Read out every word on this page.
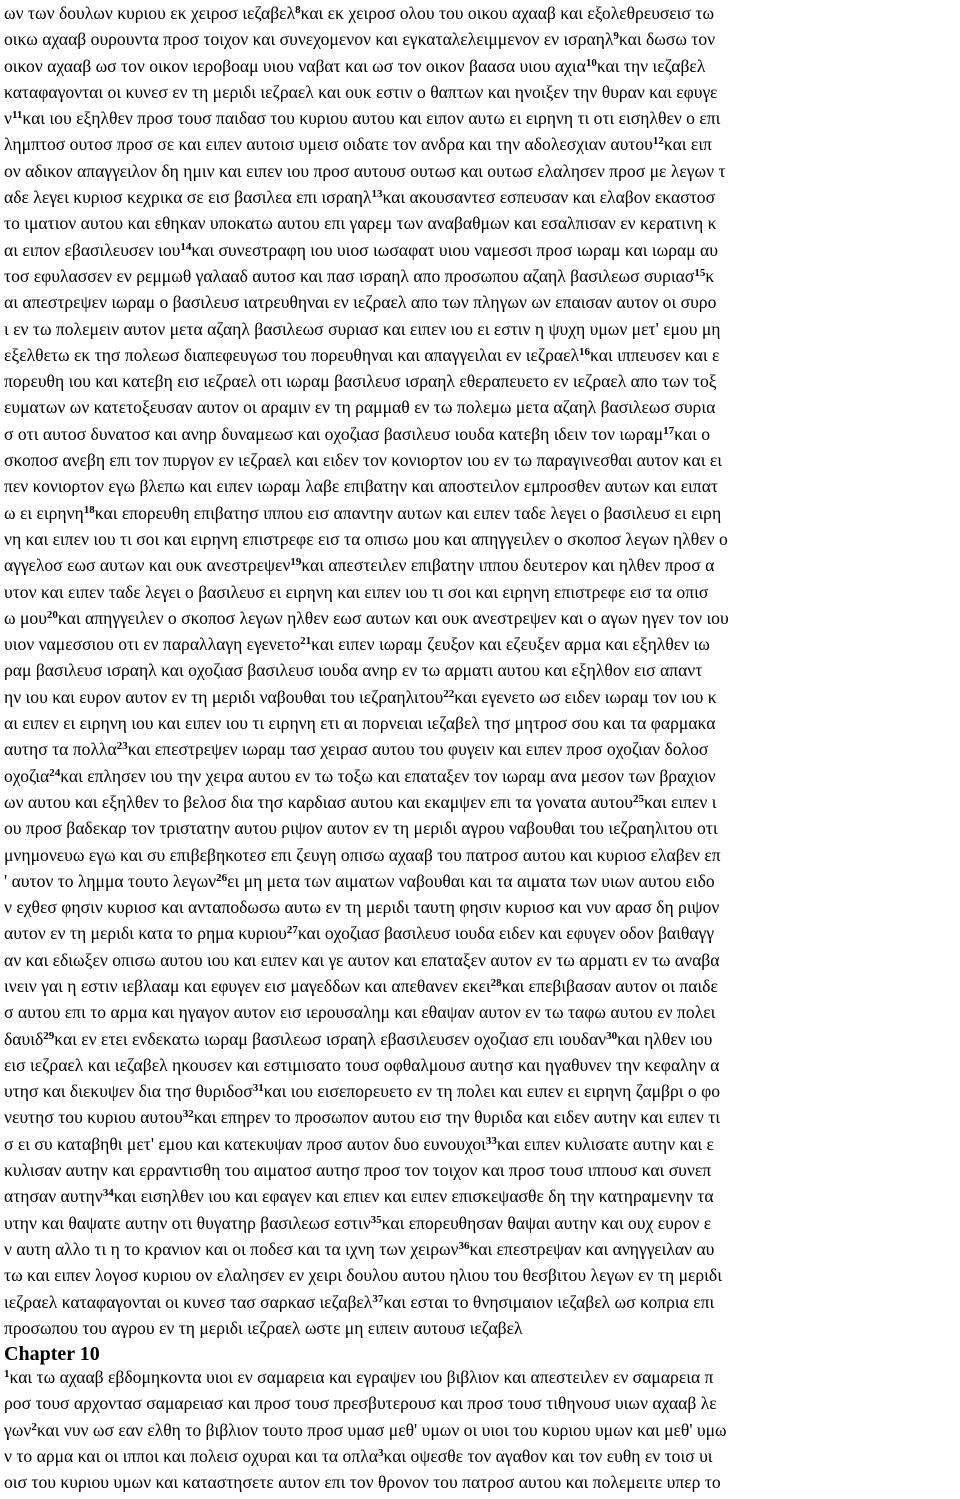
ων των δουλων κυριου εκ χειροσ ιεζαβελ$^8$και εκ χειροσ ολου του οικου αχααβ και εξολεθρευσεισ τω
οικω αχααβ ουρουντα προσ τοιχον και συνεχομενον και εγκαταλελειμμενον εν ισραηλ$^9$και δωσω τον
οικον αχααβ ωσ τον οικον ιεροβοαμ υιου ναβατ και ωσ τον οικον βαασα υιου αχια$^{10}$και την ιεζαβελ
καταφαγονται οι κυνεσ εν τη μεριδι ιεζραελ και ουκ εστιν ο θαπτων και ηνοιξεν την θυραν και εφυγε
$\nu^{11}\kappa\alpha\iota$ ιου εξηλθεν προσ τουσ παιδασ του κυριου αυτου και ειπον αυτω ει ειρηνη τι οτι εισηλθεν ο επι
λημπτοσ ουτοσ προσ σε και ειπεν αυτοισ υμεισ οιδατε τον ανδρα και την αδολεσχιαν αυτου$^{12}$και ειπ
ον αδικον απαγγειλον δη ημιν και ειπεν ιου προσ αυτουσ ουτωσ και ουτωσ ελαλησεν προσ με λεγων τ
αδε λεγει κυριοσ κεχρικα σε εισ βασιλεα επι ισραηλ$^{13}$και ακουσαντεσ εσπευσαν και ελαβον εκαστοσ
το ιματιον αυτου και εθηκαν υποκατω αυτου επι γαρεμ των αναβαθμων και εσαλπισαν εν κερατινη κ
αι ειπον εβασιλευσεν ιου$^{14}$και συνεστραφη ιου υιοσ ιωσαφατ υιου ναμεσσι προσ ιωραμ και ιωραμ αυ
τοσ εφυλασσεν εν ρεμμωθ γαλααδ αυτοσ και πασ ισραηλ απο προσωπου αζαηλ βασιλεωσ συριασ$^{15}$κ
αι απεστρεψεν ιωραμ ο βασιλευσ ιατρευθηναι εν ιεζραελ απο των πληγων ων επαισαν αυτον οι συρο
ι εν τω πολεμειν αυτον μετα αζαηλ βασιλεωσ συριασ και ειπεν ιου ει εστιν η ψυχη υμων μετ' εμου μη
εξελθετω εκ τησ πολεωσ διαπεφευγωσ του πορευθηναι και απαγγειλαι εν ιεζραελ$^{16}$και ιππευσεν και ε
πορευθη ιου και κατεβη εισ ιεζραελ οτι ιωραμ βασιλευσ ισραηλ εθεραπευετο εν ιεζραελ απο των τοξ
ευματων ων κατετοξευσαν αυτον οι αραμιν εν τη ραμμαθ εν τω πολεμω μετα αζαηλ βασιλεωσ συρια
σ οτι αυτοσ δυνατοσ και ανηρ δυναμεωσ και οχοζιασ βασιλευσ ιουδα κατεβη ιδειν τον ιωραμ$^{17}$και ο
σκοποσ ανεβη επι τον πυργον εν ιεζραελ και ειδεν τον κονιορτον ιου εν τω παραγινεσθαι αυτον και ει
πεν κονιορτον εγω βλεπω και ειπεν ιωραμ λαβε επιβατην και αποστειλον εμπροσθεν αυτων και ειπατ
ω ει ειρηνη$^{18}$και επορευθη επιβατησ ιππου εισ απαντην αυτων και ειπεν ταδε λεγει ο βασιλευσ ει ειρη
νη και ειπεν ιου τι σοι και ειρηνη επιστρεφε εισ τα οπισω μου και απηγγειλεν ο σκοποσ λεγων ηλθεν ο
αγγελοσ εωσ αυτων και ουκ ανεστρεψεν$^{19}$και απεστειλεν επιβατην ιππου δευτερον και ηλθεν προσ α
υτον και ειπεν ταδε λεγει ο βασιλευσ ει ειρηνη και ειπεν ιου τι σοι και ειρηνη επιστρεφε εισ τα οπισ
ω μου$^{20}$και απηγγειλεν ο σκοποσ λεγων ηλθεν εωσ αυτων και ουκ ανεστρεψεν και ο αγων ηγεν τον ιου
υιον ναμεσσιου οτι εν παραλλαγη εγενετο$^{21}$και ειπεν ιωραμ ζευξον και εζευξεν αρμα και εξηλθεν ιω
ραμ βασιλευσ ισραηλ και οχοζιασ βασιλευσ ιουδα ανηρ εν τω αρματι αυτου και εξηλθον εισ απαντ
ην ιου και ευρον αυτον εν τη μεριδι ναβουθαι του ιεζραηλιτου$^{22}$και εγενετο ωσ ειδεν ιωραμ τον ιου κ
αι ειπεν ει ειρηνη ιου και ειπεν ιου τι ειρηνη ετι αι πορνειαι ιεζαβελ τησ μητροσ σου και τα φαρμακα
αυτησ τα πολλα$^{23}$και επεστρεψεν ιωραμ τασ χειρασ αυτου του φυγειν και ειπεν προσ οχοζιαν δολοσ
οχοζια$^{24}$και επλησεν ιου την χειρα αυτου εν τω τοξω και επαταξεν τον ιωραμ ανα μεσον των βραχιον
ων αυτου και εξηλθεν το βελοσ δια τησ καρδιασ αυτου και εκαμψεν επι τα γονατα αυτου$^{25}$και ειπεν ι
ου προσ βαδεκαρ τον τριστατην αυτου ριψον αυτον εν τη μεριδι αγρου ναβουθαι του ιεζραηλιτου οτι
μνημονευω εγω και συ επιβεβηκοτεσ επι ζευγη οπισω αχααβ του πατροσ αυτου και κυριοσ ελαβεν επ
' αυτον το λημμα τουτο λεγων$^{26}$ει μη μετα των αιματων ναβουθαι και τα αιματα των υιων αυτου ειδο
ν εχθεσ φησιν κυριοσ και ανταποδωσω αυτω εν τη μεριδι ταυτη φησιν κυριοσ και νυν αρασ δη ριψον
αυτον εν τη μεριδι κατα το ρημα κυριου$^{27}$και οχοζιασ βασιλευσ ιουδα ειδεν και εφυγεν οδον βαιθαγγ
αν και εδιωξεν οπισω αυτου ιου και ειπεν και γε αυτον και επαταξεν αυτον εν τω αρματι εν τω αναβα
ινειν γαι η εστιν ιεβλααμ και εφυγεν εισ μαγεδδων και απεθανεν εκει$^{28}$και επεβιβασαν αυτον οι παιδε
σ αυτου επι το αρμα και ηγαγον αυτον εισ ιερουσαλημ και εθαψαν αυτον εν τω ταφω αυτου εν πολει
δαυιδ$^{29}$και εν ετει ενδεκατω ιωραμ βασιλεωσ ισραηλ εβασιλευσεν οχοζιασ επι ιουδαν$^{30}$και ηλθεν ιου
εισ ιεζραελ και ιεζαβελ ηκουσεν και εστιμισατο τουσ οφθαλμουσ αυτησ και ηγαθυνεν την κεφαλην α
υτησ και διεκυψεν δια τησ θυριδοσ$^{31}$και ιου εισεπορευετο εν τη πολει και ειπεν ει ειρηνη ζαμβρι ο φο
νευτησ του κυριου αυτου$^{32}$και επηρεν το προσωπον αυτου εισ την θυριδα και ειδεν αυτην και ειπεν τι
σ ει συ καταβηθι μετ' εμου και κατεκυψαν προσ αυτον δυο ευνουχοι$^{33}$και ειπεν κυλισατε αυτην και ε
κυλισαν αυτην και ερραντισθη του αιματοσ αυτησ προσ τον τοιχον και προσ τουσ ιππουσ και συνεπ
ατησαν αυτην$^{34}$και εισηλθεν ιου και εφαγεν και επιεν και ειπεν επισκεψασθε δη την κατηραμενην τα
υτην και θαψατε αυτην οτι θυγατηρ βασιλεωσ εστιν$^{35}$και επορευθησαν θαψαι αυτην και ουχ ευρον ε
ν αυτη αλλο τι η το κρανιον και οι ποδεσ και τα ιχνη των χειρων$^{36}$και επεστρεψαν και ανηγγειλαν αυ
τω και ειπεν λογοσ κυριου ον ελαλησεν εν χειρι δουλου αυτου ηλιου του θεσβιτου λεγων εν τη μεριδι
ιεζραελ καταφαγονται οι κυνεσ τασ σαρκασ ιεζαβελ$^{37}$και εσται το θνησιμαιον ιεζαβελ ωσ κοπρια επι
προσωπου του αγρου εν τη μεριδι ιεζραελ ωστε μη ειπειν αυτουσ ιεζαβελ
Chapter 10
$^1$και τω αχααβ εβδομηκοντα υιοι εν σαμαρεια και εγραψεν ιου βιβλιον και απεστειλεν εν σαμαρεια π
ροσ τουσ αρχοντασ σαμαρειασ και προσ τουσ πρεσβυτερουσ και προσ τουσ τιθηνουσ υιων αχααβ λε
γων$^2$και νυν ωσ εαν ελθη το βιβλιον τουτο προσ υμασ μεθ' υμων οι υιοι του κυριου υμων και μεθ' υμω
ν το αρμα και οι ιπποι και πολεισ οχυραι και τα οπλα$^3$και οψεσθε τον αγαθον και τον ευθη εν τοισ υι
οισ του κυριου υμων και καταστησετε αυτον επι τον θρονον του πατροσ αυτου και πολεμειτε υπερ το
